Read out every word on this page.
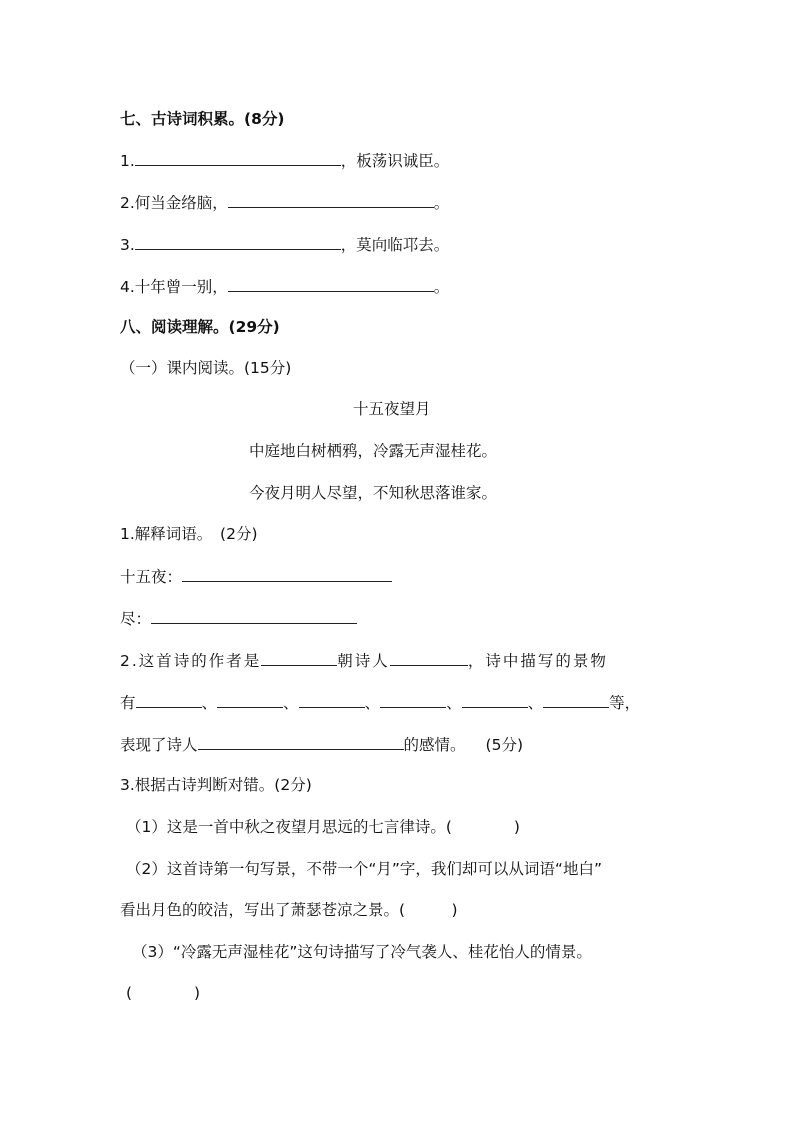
七、古诗词积累。(8分)
1.	，板荡识诚臣。
2.何当金络脑，	。
3.	，莫向临邛去。
4.十年曾一别，	。
八、阅读理解。(29分)
（一）课内阅读。(15分)
十五夜望月
中庭地白树栖鸦，冷露无声湿桂花。
今夜月明人尽望，不知秋思落谁家。
1.解释词语。　(2分)
十五夜：
尽：
2.这首诗的作者是	朝诗人	，诗中描写的景物
有	、	、	、	、	、	等，
表现了诗人	的感情。 (5分)
3.根据古诗判断对错。(2分)
（1）这是一首中秋之夜望月思远的七言律诗。(　　　　)
（2）这首诗第一句写景，不带一个“月”字，我们却可以从词语“地白”
看出月色的皎洁，写出了萧瑟苍凉之景。(　　　)
（3）“冷露无声湿桂花”这句诗描写了冷气袭人、桂花怡人的情景。
(　　　　)
